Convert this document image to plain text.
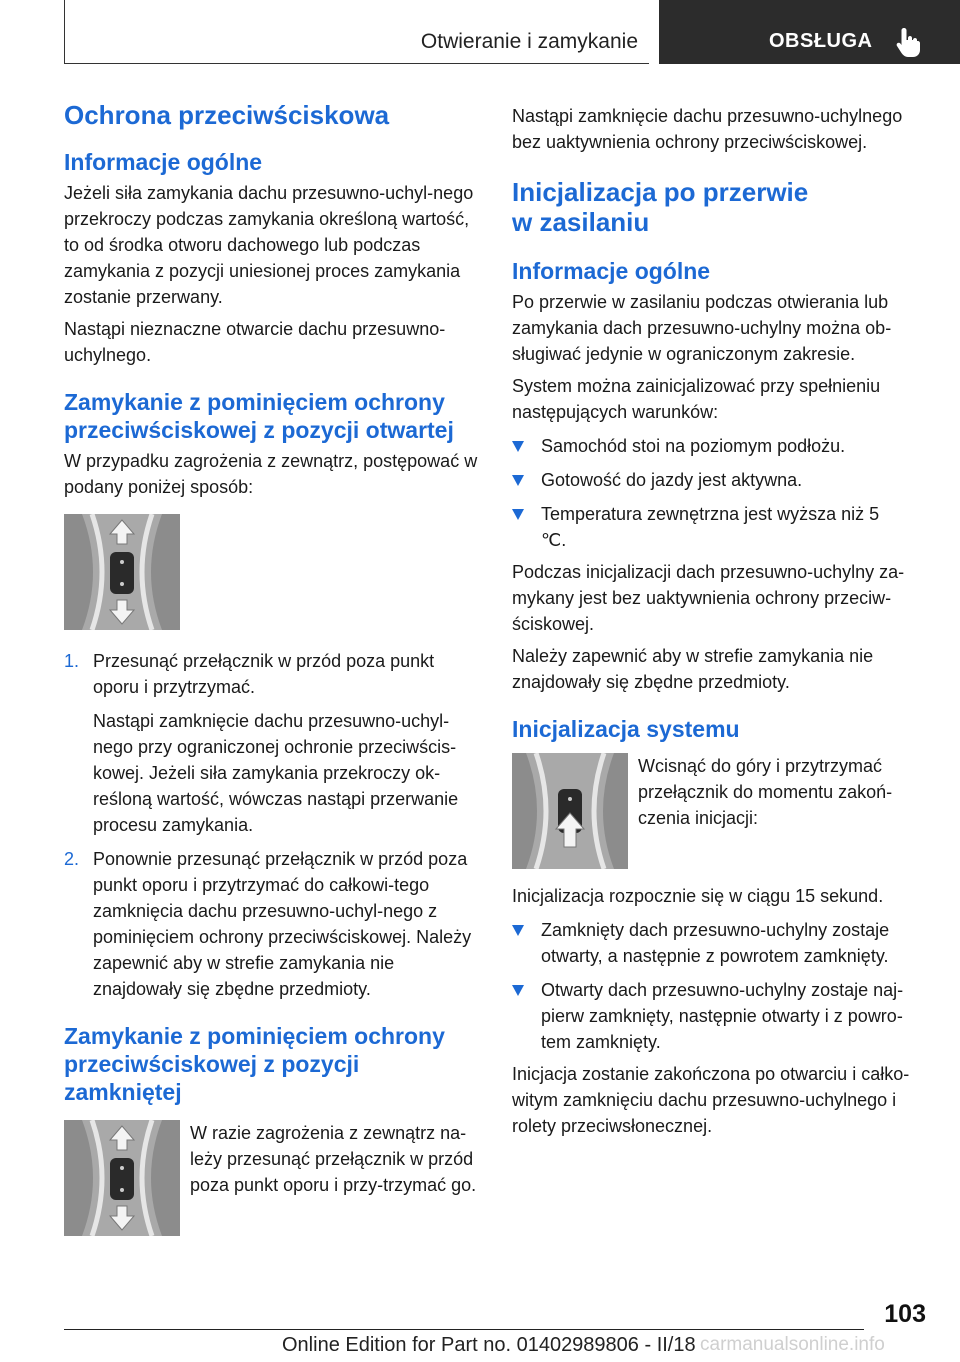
Otwieranie i zamykanie	OBSŁUGA
Ochrona przeciwściskowa
Informacje ogólne

Jeżeli siła zamykania dachu przesuwno-uchyl-nego przekroczy podczas zamykania określoną wartość, to od środka otworu dachowego lub podczas zamykania z pozycji uniesionej proces zamykania zostanie przerwany.

Nastąpi nieznaczne otwarcie dachu przesuwno-uchylnego.

Zamykanie z pominięciem ochrony przeciwściskowej z pozycji otwartej

W przypadku zagrożenia z zewnątrz, postępować w podany poniżej sposób:

1. Przesunąć przełącznik w przód poza punkt oporu i przytrzymać.
Nastąpi zamknięcie dachu przesuwno-uchyl-nego przy ograniczonej ochronie przeciwścis-kowej. Jeżeli siła zamykania przekroczy ok-reśloną wartość, wówczas nastąpi przerwanie procesu zamykania.
2. Ponownie przesunąć przełącznik w przód poza punkt oporu i przytrzymać do całkowi-tego zamknięcia dachu przesuwno-uchyl-nego z pominięciem ochrony przeciwściskowej. Należy zapewnić aby w strefie zamykania nie znajdowały się zbędne przedmioty.
Zamykanie z pominięciem ochrony przeciwściskowej z pozycji zamkniętej

W razie zagrożenia z zewnątrz na-leży przesunąć przełącznik w przód poza punkt oporu i przy-trzymać go.

Nastąpi zamknięcie dachu przesuwno-uchylnego bez uaktywnienia ochrony przeciwściskowej.

Inicjalizacja po przerwie w zasilaniu
Informacje ogólne

Po przerwie w zasilaniu podczas otwierania lub zamykania dach przesuwno-uchylny można ob-sługiwać jedynie w ograniczonym zakresie.

System można zainicjalizować przy spełnieniu następujących warunków:

Samochód stoi na poziomym podłożu.
Gotowość do jazdy jest aktywna.
Temperatura zewnętrzna jest wyższa niż 5 ℃.

Podczas inicjalizacji dach przesuwno-uchylny za-mykany jest bez uaktywnienia ochrony przeciw-ściskowej.

Należy zapewnić aby w strefie zamykania nie znajdowały się zbędne przedmioty.

Inicjalizacja systemu

Wcisnąć do góry i przytrzymać przełącznik do momentu zakoń-czenia inicjacji:

Inicjalizacja rozpocznie się w ciągu 15 sekund.

Zamknięty dach przesuwno-uchylny zostaje otwarty, a następnie z powrotem zamknięty.
Otwarty dach przesuwno-uchylny zostaje naj-pierw zamknięty, następnie otwarty i z powro-tem zamknięty.

Inicjacja zostanie zakończona po otwarciu i całko-witym zamknięciu dachu przesuwno-uchylnego i rolety przeciwsłonecznej.

103
Online Edition for Part no. 01402989806 - II/18 carmanualsonline.info
